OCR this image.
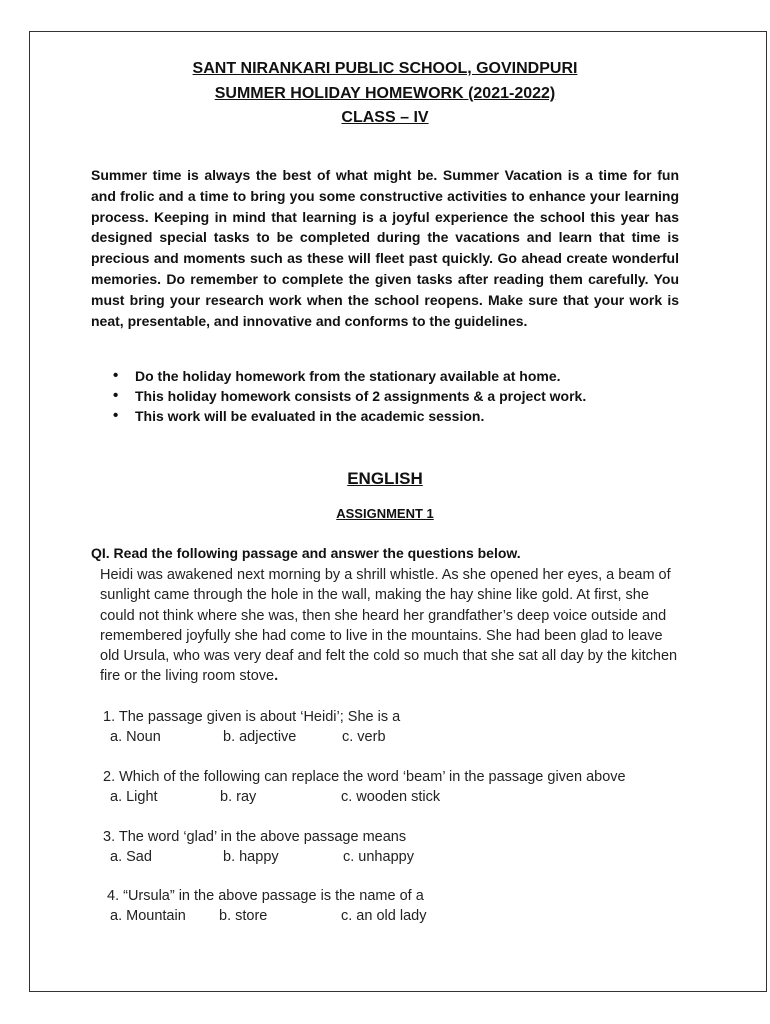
SANT NIRANKARI PUBLIC SCHOOL, GOVINDPURI
SUMMER HOLIDAY HOMEWORK (2021-2022)
CLASS – IV
Summer time is always the best of what might be. Summer Vacation is a time for fun and frolic and a time to bring you some constructive activities to enhance your learning process. Keeping in mind that learning is a joyful experience the school this year has designed special tasks to be completed during the vacations and learn that time is precious and moments such as these will fleet past quickly. Go ahead create wonderful memories. Do remember to complete the given tasks after reading them carefully. You must bring your research work when the school reopens. Make sure that your work is neat, presentable, and innovative and conforms to the guidelines.
• Do the holiday homework from the stationary available at home.
• This holiday homework consists of 2 assignments & a project work.
• This work will be evaluated in the academic session.
ENGLISH
ASSIGNMENT 1
QI. Read the following passage and answer the questions below.
Heidi was awakened next morning by a shrill whistle. As she opened her eyes, a beam of sunlight came through the hole in the wall, making the hay shine like gold. At first, she could not think where she was, then she heard her grandfather’s deep voice outside and remembered joyfully she had come to live in the mountains. She had been glad to leave old Ursula, who was very deaf and felt the cold so much that she sat all day by the kitchen fire or the living room stove.
1. The passage given is about ‘Heidi’; She is a
a. Noun	b. adjective	c. verb
2. Which of the following can replace the word ‘beam’ in the passage given above
a. Light	b. ray	c. wooden stick
3. The word ‘glad’ in the above passage means
a. Sad	b. happy	c. unhappy
4. “Ursula” in the above passage is the name of a
a. Mountain b. store	c. an old lady
